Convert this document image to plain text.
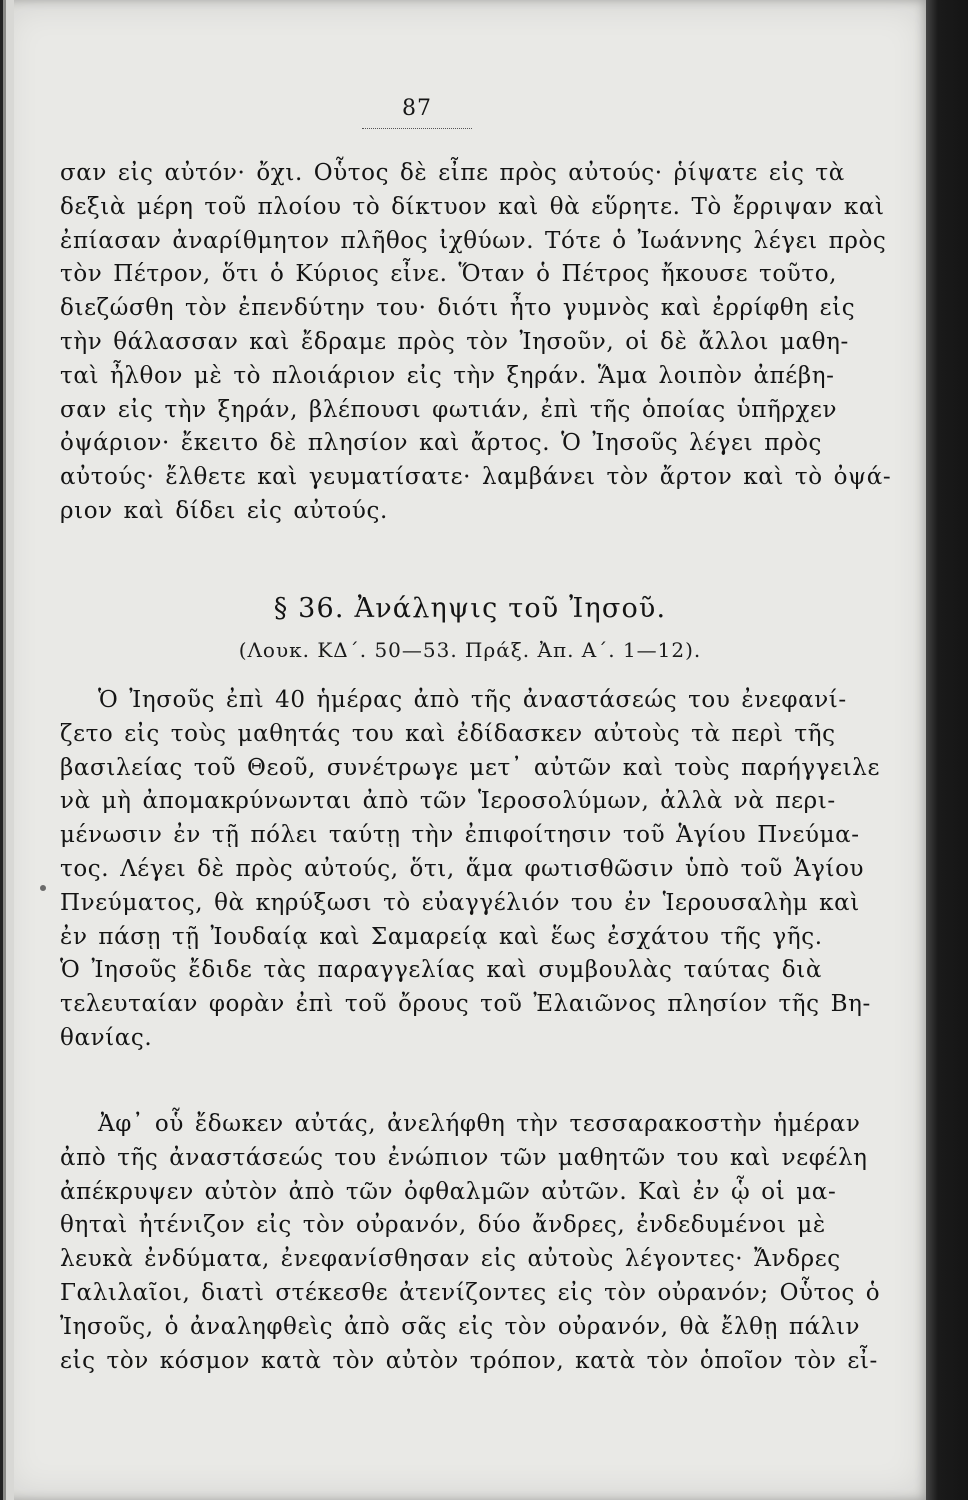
87
σαν εἰς αὐτόν· ὄχι. Οὗτος δὲ εἶπε πρὸς αὐτούς· ῥίψατε εἰς τὰ
δεξιὰ μέρη τοῦ πλοίου τὸ δίκτυον καὶ θὰ εὕρητε. Τὸ ἔρριψαν καὶ
ἐπίασαν ἀναρίθμητον πλῆθος ἰχθύων. Τότε ὁ Ἰωάννης λέγει πρὸς
τὸν Πέτρον, ὅτι ὁ Κύριος εἶνε. Ὅταν ὁ Πέτρος ἤκουσε τοῦτο,
διεζώσθη τὸν ἐπενδύτην του· διότι ἦτο γυμνὸς καὶ ἐρρίφθη εἰς
τὴν θάλασσαν καὶ ἔδραμε πρὸς τὸν Ἰησοῦν, οἱ δὲ ἄλλοι μαθη-
ταὶ ἦλθον μὲ τὸ πλοιάριον εἰς τὴν ξηράν. Ἅμα λοιπὸν ἀπέβη-
σαν εἰς τὴν ξηράν, βλέπουσι φωτιάν, ἐπὶ τῆς ὁποίας ὑπῆρχεν
ὀψάριον· ἔκειτο δὲ πλησίον καὶ ἄρτος. Ὁ Ἰησοῦς λέγει πρὸς
αὐτούς· ἔλθετε καὶ γευματίσατε· λαμβάνει τὸν ἄρτον καὶ τὸ ὀψά-
ριον καὶ δίδει εἰς αὐτούς.
§ 36. Ἀνάληψις τοῦ Ἰησοῦ.
(Λουκ. ΚΔ΄. 50—53. Πράξ. Ἀπ. Α΄. 1—12).
Ὁ Ἰησοῦς ἐπὶ 40 ἡμέρας ἀπὸ τῆς ἀναστάσεώς του ἐνεφανί-
ζετο εἰς τοὺς μαθητάς του καὶ ἐδίδασκεν αὐτοὺς τὰ περὶ τῆς
βασιλείας τοῦ Θεοῦ, συνέτρωγε μετ᾽ αὐτῶν καὶ τοὺς παρήγγειλε
νὰ μὴ ἀπομακρύνωνται ἀπὸ τῶν Ἱεροσολύμων, ἀλλὰ νὰ περι-
μένωσιν ἐν τῇ πόλει ταύτῃ τὴν ἐπιφοίτησιν τοῦ Ἁγίου Πνεύμα-
τος. Λέγει δὲ πρὸς αὐτούς, ὅτι, ἅμα φωτισθῶσιν ὑπὸ τοῦ Ἁγίου
Πνεύματος, θὰ κηρύξωσι τὸ εὐαγγέλιόν του ἐν Ἱερουσαλὴμ καὶ
ἐν πάσῃ τῇ Ἰουδαίᾳ καὶ Σαμαρείᾳ καὶ ἕως ἐσχάτου τῆς γῆς.
Ὁ Ἰησοῦς ἔδιδε τὰς παραγγελίας καὶ συμβουλὰς ταύτας διὰ
τελευταίαν φορὰν ἐπὶ τοῦ ὄρους τοῦ Ἐλαιῶνος πλησίον τῆς Βη-
θανίας.
Ἀφ᾽ οὗ ἔδωκεν αὐτάς, ἀνελήφθη τὴν τεσσαρακοστὴν ἡμέραν
ἀπὸ τῆς ἀναστάσεώς του ἐνώπιον τῶν μαθητῶν του καὶ νεφέλη
ἀπέκρυψεν αὐτὸν ἀπὸ τῶν ὀφθαλμῶν αὐτῶν. Καὶ ἐν ᾧ οἱ μα-
θηταὶ ἠτένιζον εἰς τὸν οὐρανόν, δύο ἄνδρες, ἐνδεδυμένοι μὲ
λευκὰ ἐνδύματα, ἐνεφανίσθησαν εἰς αὐτοὺς λέγοντες· Ἄνδρες
Γαλιλαῖοι, διατὶ στέκεσθε ἀτενίζοντες εἰς τὸν οὐρανόν; Οὗτος ὁ
Ἰησοῦς, ὁ ἀναληφθεὶς ἀπὸ σᾶς εἰς τὸν οὐρανόν, θὰ ἔλθῃ πάλιν
εἰς τὸν κόσμον κατὰ τὸν αὐτὸν τρόπον, κατὰ τὸν ὁποῖον τὸν εἶ-
